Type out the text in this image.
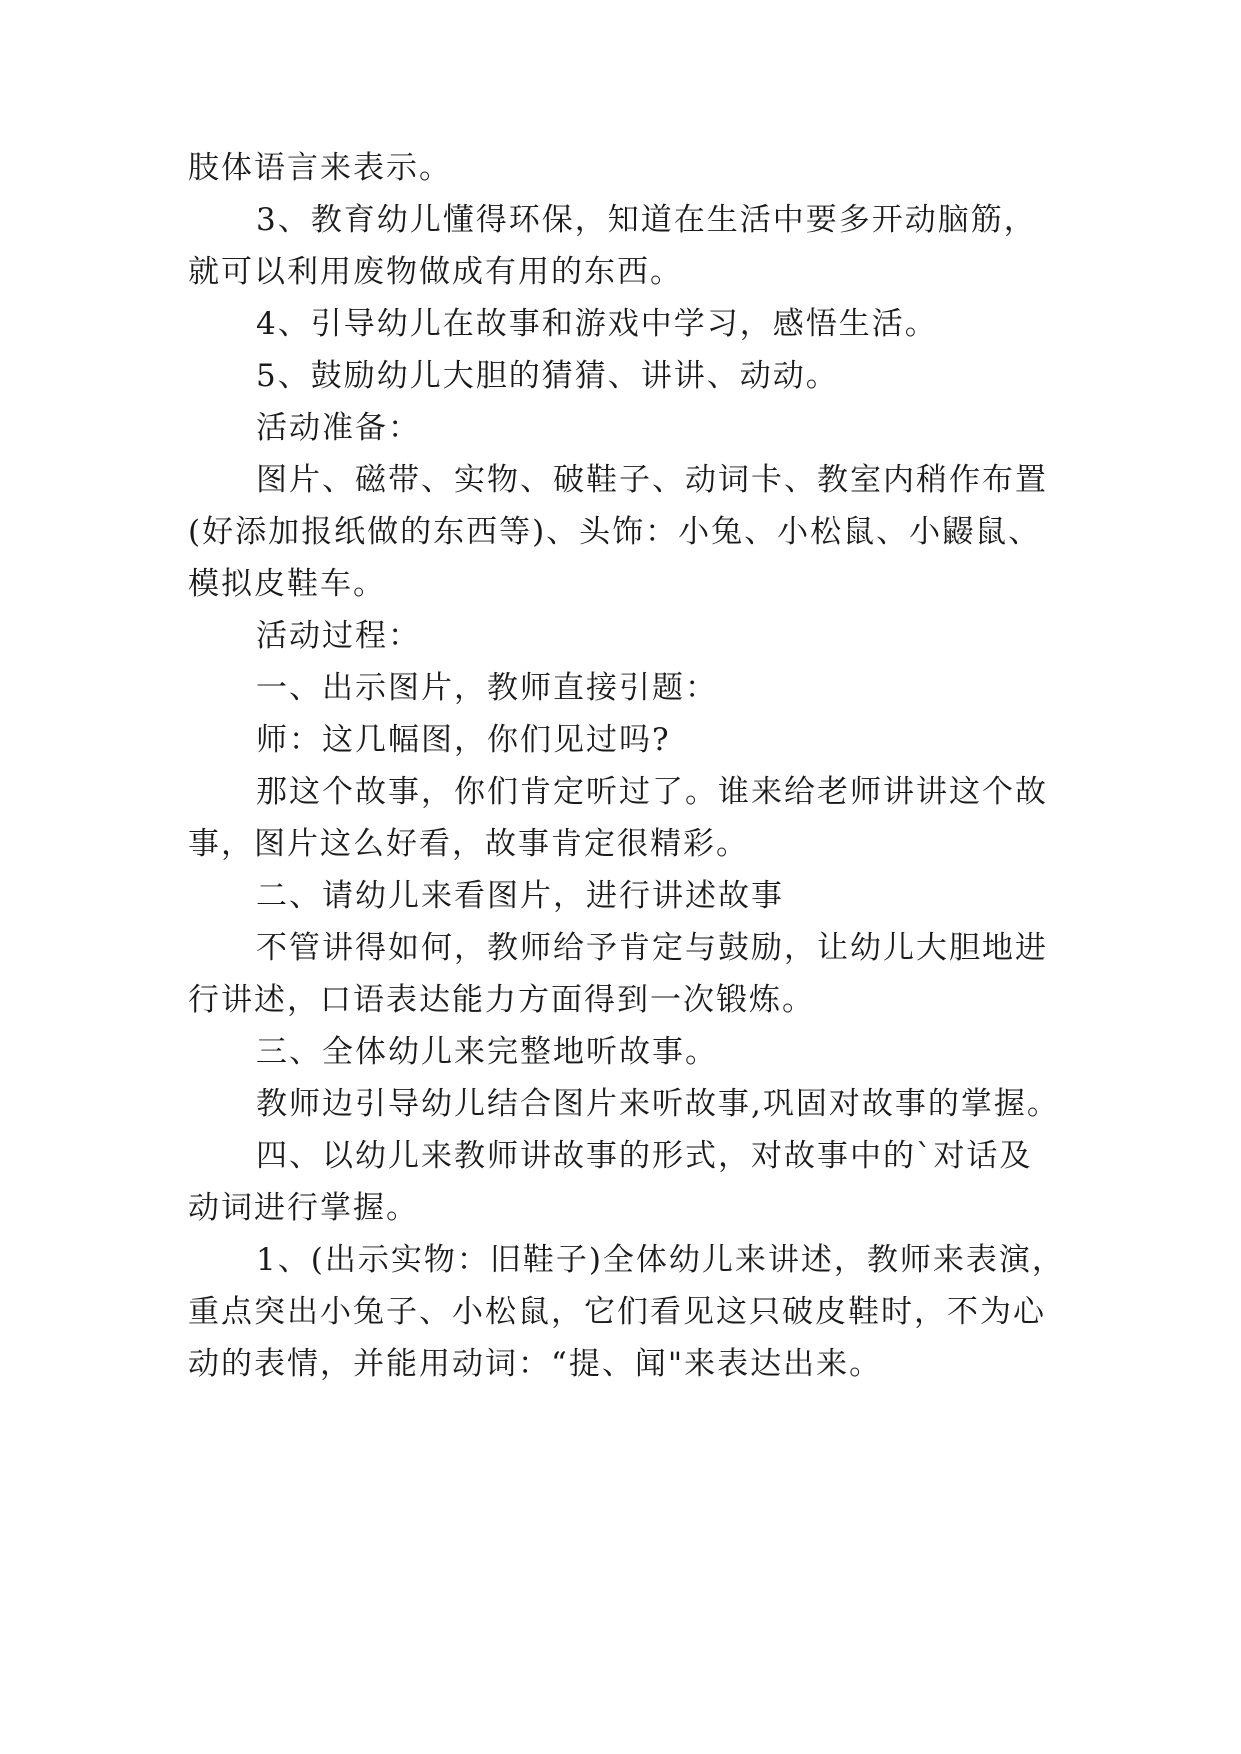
肢体语言来表示。
3、教育幼儿懂得环保，知道在生活中要多开动脑筋，
就可以利用废物做成有用的东西。
4、引导幼儿在故事和游戏中学习，感悟生活。
5、鼓励幼儿大胆的猜猜、讲讲、动动。
活动准备：
图片、磁带、实物、破鞋子、动词卡、教室内稍作布置
(好添加报纸做的东西等)、头饰：小兔、小松鼠、小鼹鼠、
模拟皮鞋车。
活动过程：
一、出示图片，教师直接引题：
师：这几幅图，你们见过吗?
那这个故事，你们肯定听过了。谁来给老师讲讲这个故
事，图片这么好看，故事肯定很精彩。
二、请幼儿来看图片，进行讲述故事
不管讲得如何，教师给予肯定与鼓励，让幼儿大胆地进
行讲述，口语表达能力方面得到一次锻炼。
三、全体幼儿来完整地听故事。
教师边引导幼儿结合图片来听故事,巩固对故事的掌握。
四、以幼儿来教师讲故事的形式，对故事中的`对话及
动词进行掌握。
1、(出示实物：旧鞋子)全体幼儿来讲述，教师来表演，
重点突出小兔子、小松鼠，它们看见这只破皮鞋时，不为心
动的表情，并能用动词：“提、闻"来表达出来。
